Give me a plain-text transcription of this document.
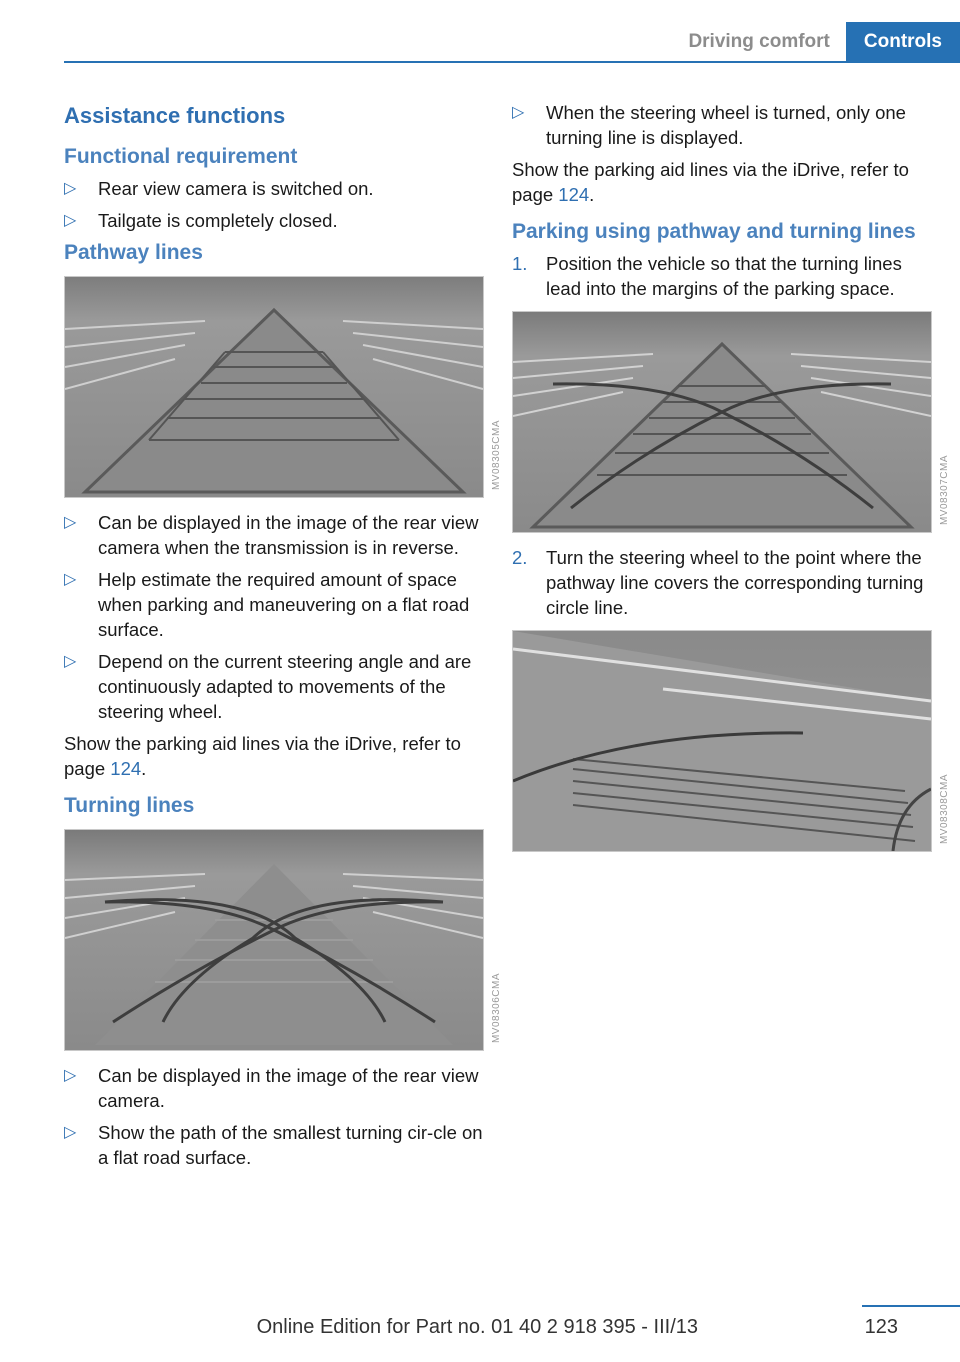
Driving comfort	Controls
Assistance functions
Functional requirement
▷ Rear view camera is switched on.
▷ Tailgate is completely closed.
Pathway lines
MV08305CMA
▷ Can be displayed in the image of the rear view camera when the transmission is in reverse.
▷ Help estimate the required amount of space when parking and maneuvering on a flat road surface.
▷ Depend on the current steering angle and are continuously adapted to movements of the steering wheel.

Show the parking aid lines via the iDrive, refer to page 124.

Turning lines
MV08306CMA
▷ Can be displayed in the image of the rear view camera.
▷ Show the path of the smallest turning cir‐cle on a flat road surface.
▷ When the steering wheel is turned, only one turning line is displayed.

Show the parking aid lines via the iDrive, refer to page 124.

Parking using pathway and turning lines
1. Position the vehicle so that the turning lines lead into the margins of the parking space.
MV08307CMA
2. Turn the steering wheel to the point where the pathway line covers the corresponding turning circle line.
MV08308CMA
Online Edition for Part no. 01 40 2 918 395 - III/13	123
